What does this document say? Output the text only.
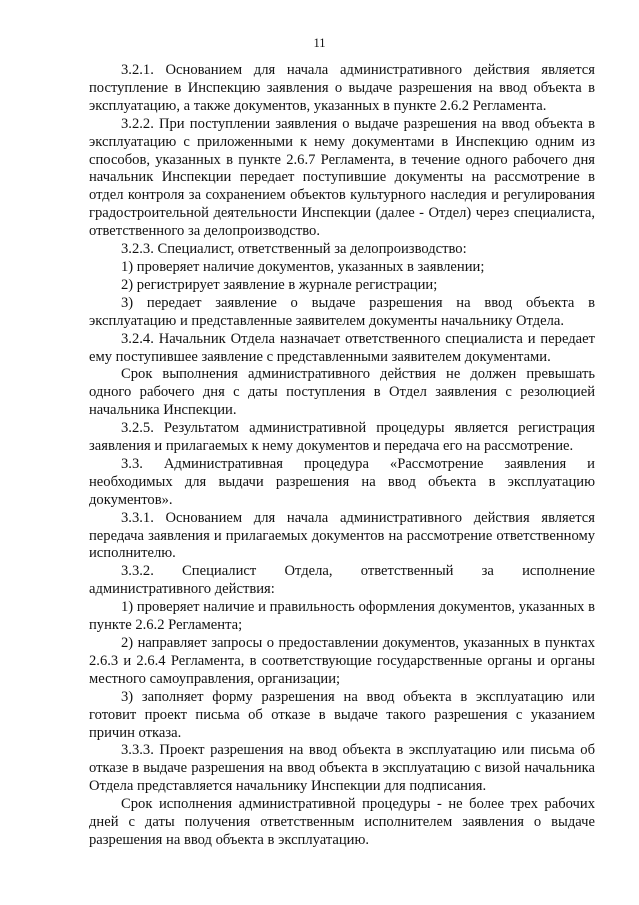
11

3.2.1. Основанием для начала административного действия является поступление в Инспекцию заявления о выдаче разрешения на ввод объекта в эксплуатацию, а также документов, указанных в пункте 2.6.2 Регламента.

3.2.2. При поступлении заявления о выдаче разрешения на ввод объекта в эксплуатацию с приложенными к нему документами в Инспекцию одним из способов, указанных в пункте 2.6.7 Регламента, в течение одного рабочего дня начальник Инспекции передает поступившие документы на рассмотрение в отдел контроля за сохранением объектов культурного наследия и регулирования градостроительной деятельности Инспекции (далее - Отдел) через специалиста, ответственного за делопроизводство.

3.2.3. Специалист, ответственный за делопроизводство:

1) проверяет наличие документов, указанных в заявлении;

2) регистрирует заявление в журнале регистрации;

3) передает заявление о выдаче разрешения на ввод объекта в эксплуатацию и представленные заявителем документы начальнику Отдела.

3.2.4. Начальник Отдела назначает ответственного специалиста и передает ему поступившее заявление с представленными заявителем документами.

Срок выполнения административного действия не должен превышать одного рабочего дня с даты поступления в Отдел заявления с резолюцией начальника Инспекции.

3.2.5. Результатом административной процедуры является регистрация заявления и прилагаемых к нему документов и передача его на рассмотрение.

3.3. Административная процедура «Рассмотрение заявления и необходимых для выдачи разрешения на ввод объекта в эксплуатацию документов».

3.3.1. Основанием для начала административного действия является передача заявления и прилагаемых документов на рассмотрение ответственному исполнителю.

3.3.2. Специалист Отдела, ответственный за исполнение административного действия:

1) проверяет наличие и правильность оформления документов, указанных в пункте 2.6.2 Регламента;

2) направляет запросы о предоставлении документов, указанных в пунктах 2.6.3 и 2.6.4 Регламента, в соответствующие государственные органы и органы местного самоуправления, организации;

3) заполняет форму разрешения на ввод объекта в эксплуатацию или готовит проект письма об отказе в выдаче такого разрешения с указанием причин отказа.

3.3.3. Проект разрешения на ввод объекта в эксплуатацию или письма об отказе в выдаче разрешения на ввод объекта в эксплуатацию с визой начальника Отдела представляется начальнику Инспекции для подписания.

Срок исполнения административной процедуры - не более трех рабочих дней с даты получения ответственным исполнителем заявления о выдаче разрешения на ввод объекта в эксплуатацию.
